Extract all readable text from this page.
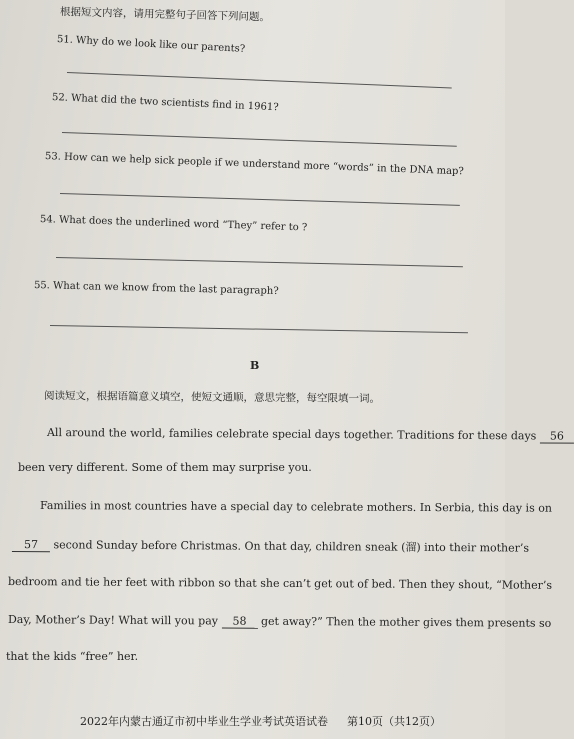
根据短文内容，请用完整句子回答下列问题。
51. Why do we look like our parents?
52. What did the two scientists find in 1961?
53. How can we help sick people if we understand more “words” in the DNA map?
54. What does the underlined word “They” refer to ?
55. What can we know from the last paragraph?
B
阅读短文，根据语篇意义填空，使短文通顺，意思完整，每空限填一词。
All around the world, families celebrate special days together. Traditions for these days 56
been very different. Some of them may surprise you.
Families in most countries have a special day to celebrate mothers. In Serbia, this day is on
57 second Sunday before Christmas. On that day, children sneak (溜) into their mother’s
bedroom and tie her feet with ribbon so that she can’t get out of bed. Then they shout, “Mother’s
Day, Mother’s Day! What will you pay 58 get away?” Then the mother gives them presents so
that the kids “free” her.
2022年内蒙古通辽市初中毕业生学业考试英语试卷 第10页（共12页）
